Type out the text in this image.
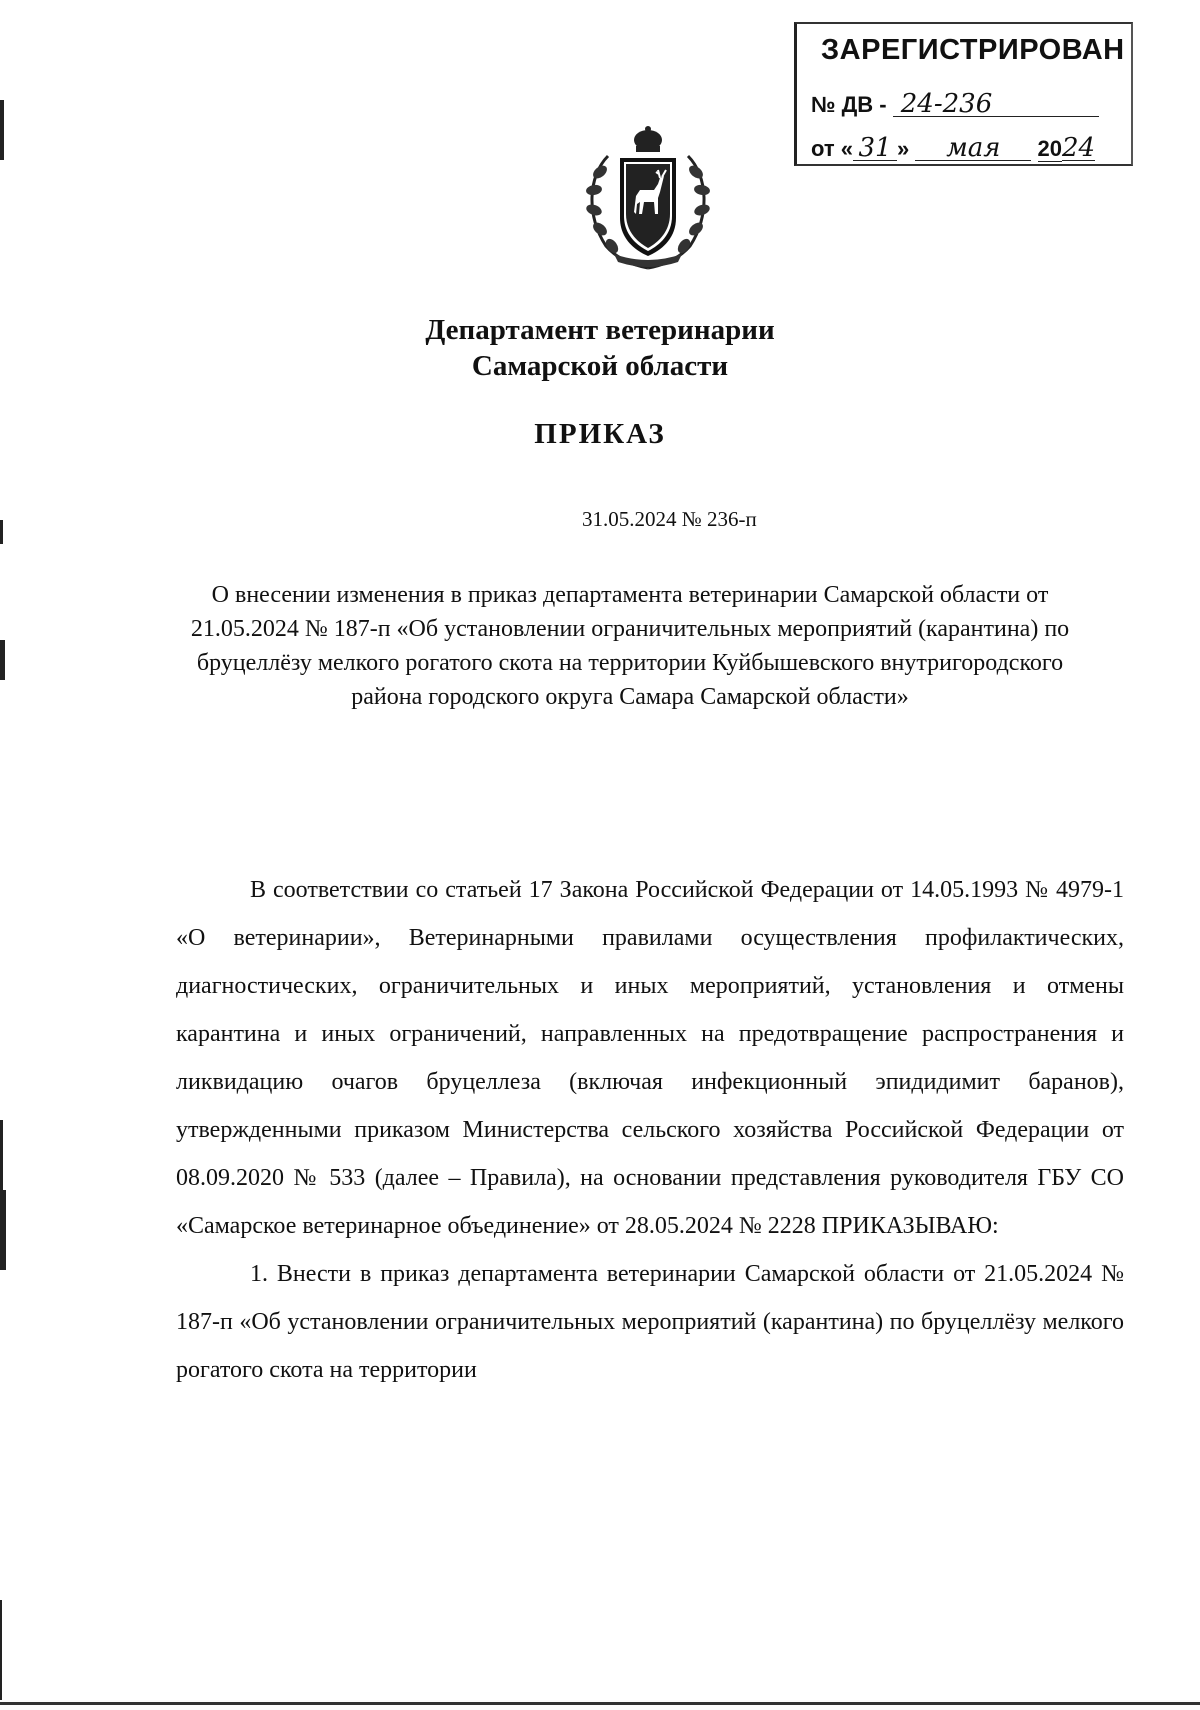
ЗАРЕГИСТРИРОВАН
№ ДВ - 24-236
от « 31 » мая 2024
Департамент ветеринарии
Самарской области
ПРИКАЗ
31.05.2024 № 236-п
О внесении изменения в приказ департамента ветеринарии Самарской области от 21.05.2024 № 187-п «Об установлении ограничительных мероприятий (карантина) по бруцеллёзу мелкого рогатого скота на территории Куйбышевского внутригородского района городского округа Самара Самарской области»

В соответствии со статьей 17 Закона Российской Федерации от 14.05.1993 № 4979-1 «О ветеринарии», Ветеринарными правилами осуществления профилактических, диагностических, ограничительных и иных мероприятий, установления и отмены карантина и иных ограничений, направленных на предотвращение распространения и ликвидацию очагов бруцеллеза (включая инфекционный эпидидимит баранов), утвержденными приказом Министерства сельского хозяйства Российской Федерации от 08.09.2020 № 533 (далее – Правила), на основании представления руководителя ГБУ СО «Самарское ветеринарное объединение» от 28.05.2024 № 2228 ПРИКАЗЫВАЮ:

1. Внести в приказ департамента ветеринарии Самарской области от 21.05.2024 № 187-п «Об установлении ограничительных мероприятий (карантина) по бруцеллёзу мелкого рогатого скота на территории
